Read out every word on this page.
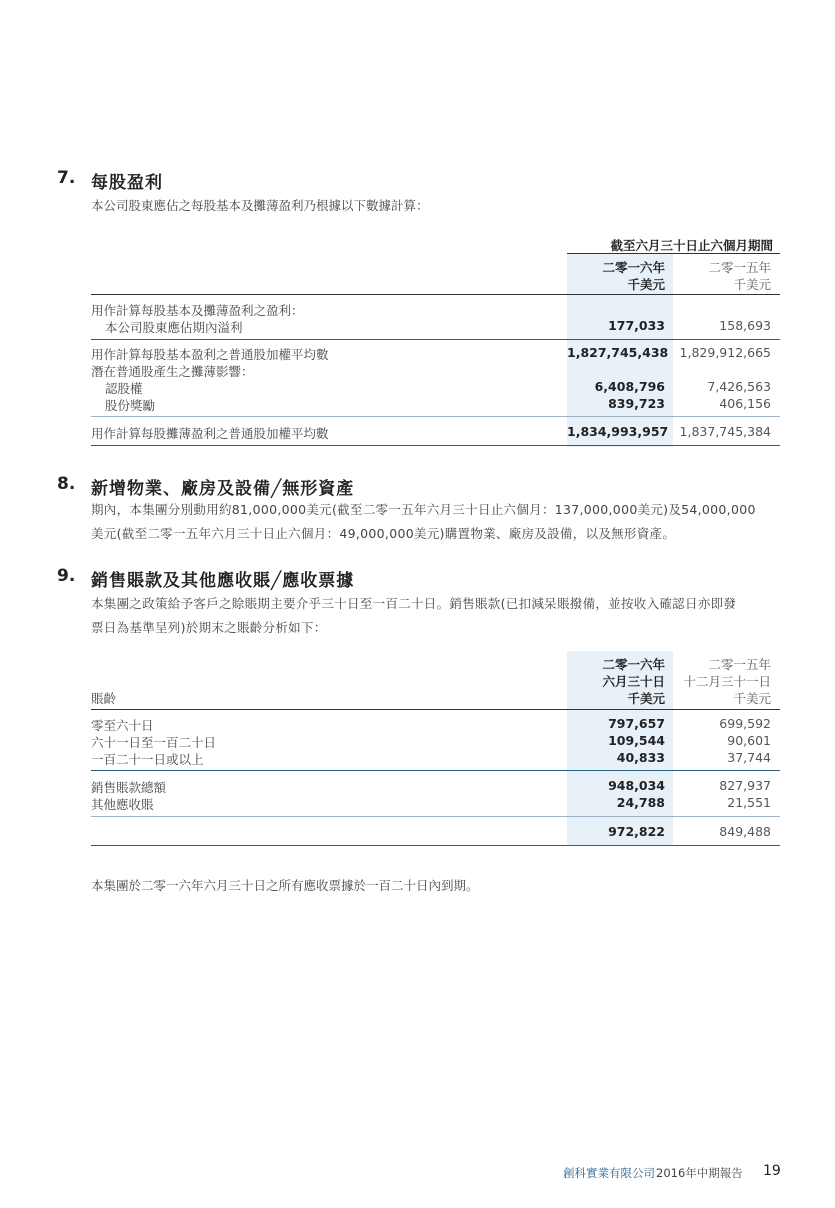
7. 每股盈利
本公司股東應佔之每股基本及攤薄盈利乃根據以下數據計算：
截至六月三十日止六個月期間
二零一六年
千美元
二零一五年
千美元
用作計算每股基本及攤薄盈利之盈利：
本公司股東應佔期內溢利	177,033	158,693
用作計算每股基本盈利之普通股加權平均數	1,827,745,438 1,829,912,665
潛在普通股產生之攤薄影響：
認股權	6,408,796	7,426,563
股份獎勵	839,723	406,156
用作計算每股攤薄盈利之普通股加權平均數	1,834,993,957 1,837,745,384
8. 新增物業、廠房及設備╱無形資產
期內，本集團分別動用約81,000,000美元(截至二零一五年六月三十日止六個月：137,000,000美元)及54,000,000
美元(截至二零一五年六月三十日止六個月：49,000,000美元)購置物業、廠房及設備，以及無形資產。
9. 銷售賬款及其他應收賬╱應收票據
本集團之政策給予客戶之賒賬期主要介乎三十日至一百二十日。銷售賬款(已扣減呆賬撥備，並按收入確認日亦即發
票日為基準呈列)於期末之賬齡分析如下：
二零一六年
六月三十日
千美元
二零一五年
十二月三十一日
千美元
賬齡
零至六十日	797,657	699,592
六十一日至一百二十日	109,544	90,601
一百二十一日或以上	40,833	37,744
銷售賬款總額	948,034	827,937
其他應收賬	24,788	21,551
972,822	849,488
本集團於二零一六年六月三十日之所有應收票據於一百二十日內到期。
創科實業有限公司 2016年中期報告 19
